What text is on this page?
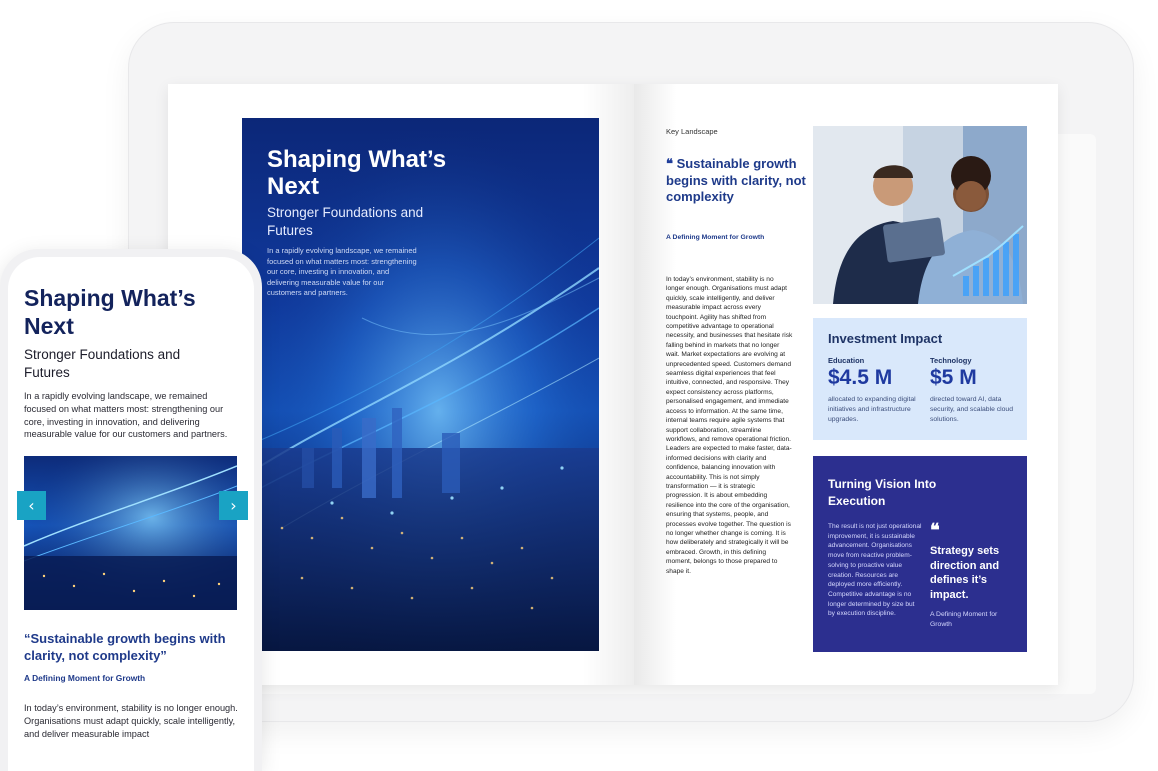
Shaping What’s Next
Stronger Foundations and Futures
In a rapidly evolving landscape, we remained focused on what matters most: strengthening our core, investing in innovation, and delivering measurable value for our customers and partners.
Key Landscape
❝ Sustainable growth begins with clarity, not complexity
A Defining Moment for Growth
In today’s environment, stability is no longer enough. Organisations must adapt quickly, scale intelligently, and deliver measurable impact across every touchpoint. Agility has shifted from competitive advantage to operational necessity, and businesses that hesitate risk falling behind in markets that no longer wait. Market expectations are evolving at unprecedented speed. Customers demand seamless digital experiences that feel intuitive, connected, and responsive. They expect consistency across platforms, personalised engagement, and immediate access to information. At the same time, internal teams require agile systems that support collaboration, streamline workflows, and remove operational friction. Leaders are expected to make faster, data-informed decisions with clarity and confidence, balancing innovation with accountability. This is not simply transformation — it is strategic progression. It is about embedding resilience into the core of the organisation, ensuring that systems, people, and processes evolve together. The question is no longer whether change is coming. It is how deliberately and strategically it will be embraced. Growth, in this defining moment, belongs to those prepared to shape it.
Investment Impact
Education
$4.5 M
allocated to expanding digital initiatives and infrastructure upgrades.
Technology
$5 M
directed toward AI, data security, and scalable cloud solutions.
Turning Vision Into Execution
The result is not just operational improvement, it is sustainable advancement. Organisations move from reactive problem-solving to proactive value creation. Resources are deployed more efficiently. Competitive advantage is no longer determined by size but by execution discipline.
❝
Strategy sets direction and defines it’s impact.
A Defining Moment for Growth
Shaping What’s Next
Stronger Foundations and Futures
In a rapidly evolving landscape, we remained focused on what matters most: strengthening our core, investing in innovation, and delivering measurable value for our customers and partners.
‹	›
“Sustainable growth begins with clarity, not complexity”
A Defining Moment for Growth
In today’s environment, stability is no longer enough. Organisations must adapt quickly, scale intelligently, and deliver measurable impact
